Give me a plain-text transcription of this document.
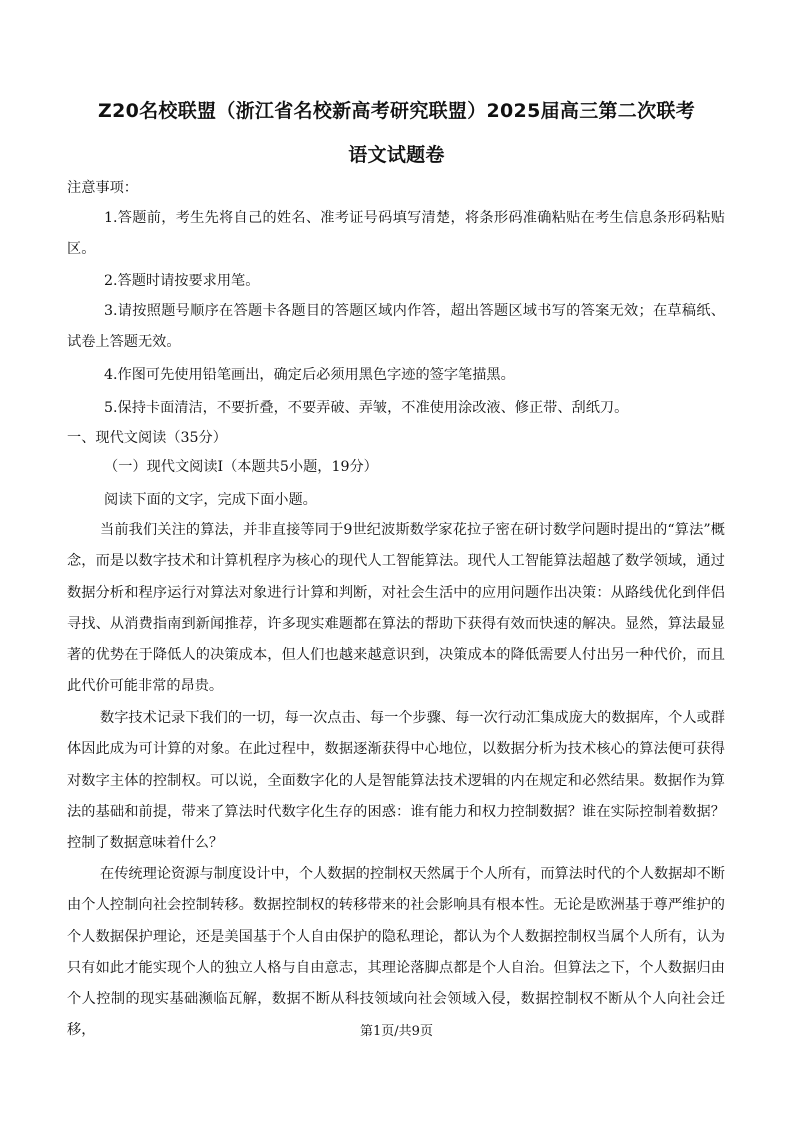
Z20名校联盟（浙江省名校新高考研究联盟）2025届高三第二次联考
语文试题卷
注意事项：
1.答题前，考生先将自己的姓名、准考证号码填写清楚，将条形码准确粘贴在考生信息条形码粘贴区。
2.答题时请按要求用笔。
3.请按照题号顺序在答题卡各题目的答题区域内作答，超出答题区域书写的答案无效；在草稿纸、试卷上答题无效。
4.作图可先使用铅笔画出，确定后必须用黑色字迹的签字笔描黑。
5.保持卡面清洁，不要折叠，不要弄破、弄皱，不准使用涂改液、修正带、刮纸刀。
一、现代文阅读（35分）
（一）现代文阅读Ⅰ（本题共5小题，19分）
阅读下面的文字，完成下面小题。
当前我们关注的算法，并非直接等同于9世纪波斯数学家花拉子密在研讨数学问题时提出的“算法”概念，而是以数字技术和计算机程序为核心的现代人工智能算法。现代人工智能算法超越了数学领域，通过数据分析和程序运行对算法对象进行计算和判断，对社会生活中的应用问题作出决策：从路线优化到伴侣寻找、从消费指南到新闻推荐，许多现实难题都在算法的帮助下获得有效而快速的解决。显然，算法最显著的优势在于降低人的决策成本，但人们也越来越意识到，决策成本的降低需要人付出另一种代价，而且此代价可能非常的昂贵。
数字技术记录下我们的一切，每一次点击、每一个步骤、每一次行动汇集成庞大的数据库，个人或群体因此成为可计算的对象。在此过程中，数据逐渐获得中心地位，以数据分析为技术核心的算法便可获得对数字主体的控制权。可以说，全面数字化的人是智能算法技术逻辑的内在规定和必然结果。数据作为算法的基础和前提，带来了算法时代数字化生存的困惑：谁有能力和权力控制数据？谁在实际控制着数据？控制了数据意味着什么？
在传统理论资源与制度设计中，个人数据的控制权天然属于个人所有，而算法时代的个人数据却不断由个人控制向社会控制转移。数据控制权的转移带来的社会影响具有根本性。无论是欧洲基于尊严维护的个人数据保护理论，还是美国基于个人自由保护的隐私理论，都认为个人数据控制权当属个人所有，认为只有如此才能实现个人的独立人格与自由意志，其理论落脚点都是个人自治。但算法之下，个人数据归由个人控制的现实基础濒临瓦解，数据不断从科技领域向社会领域入侵，数据控制权不断从个人向社会迁移，	第1页/共9页
